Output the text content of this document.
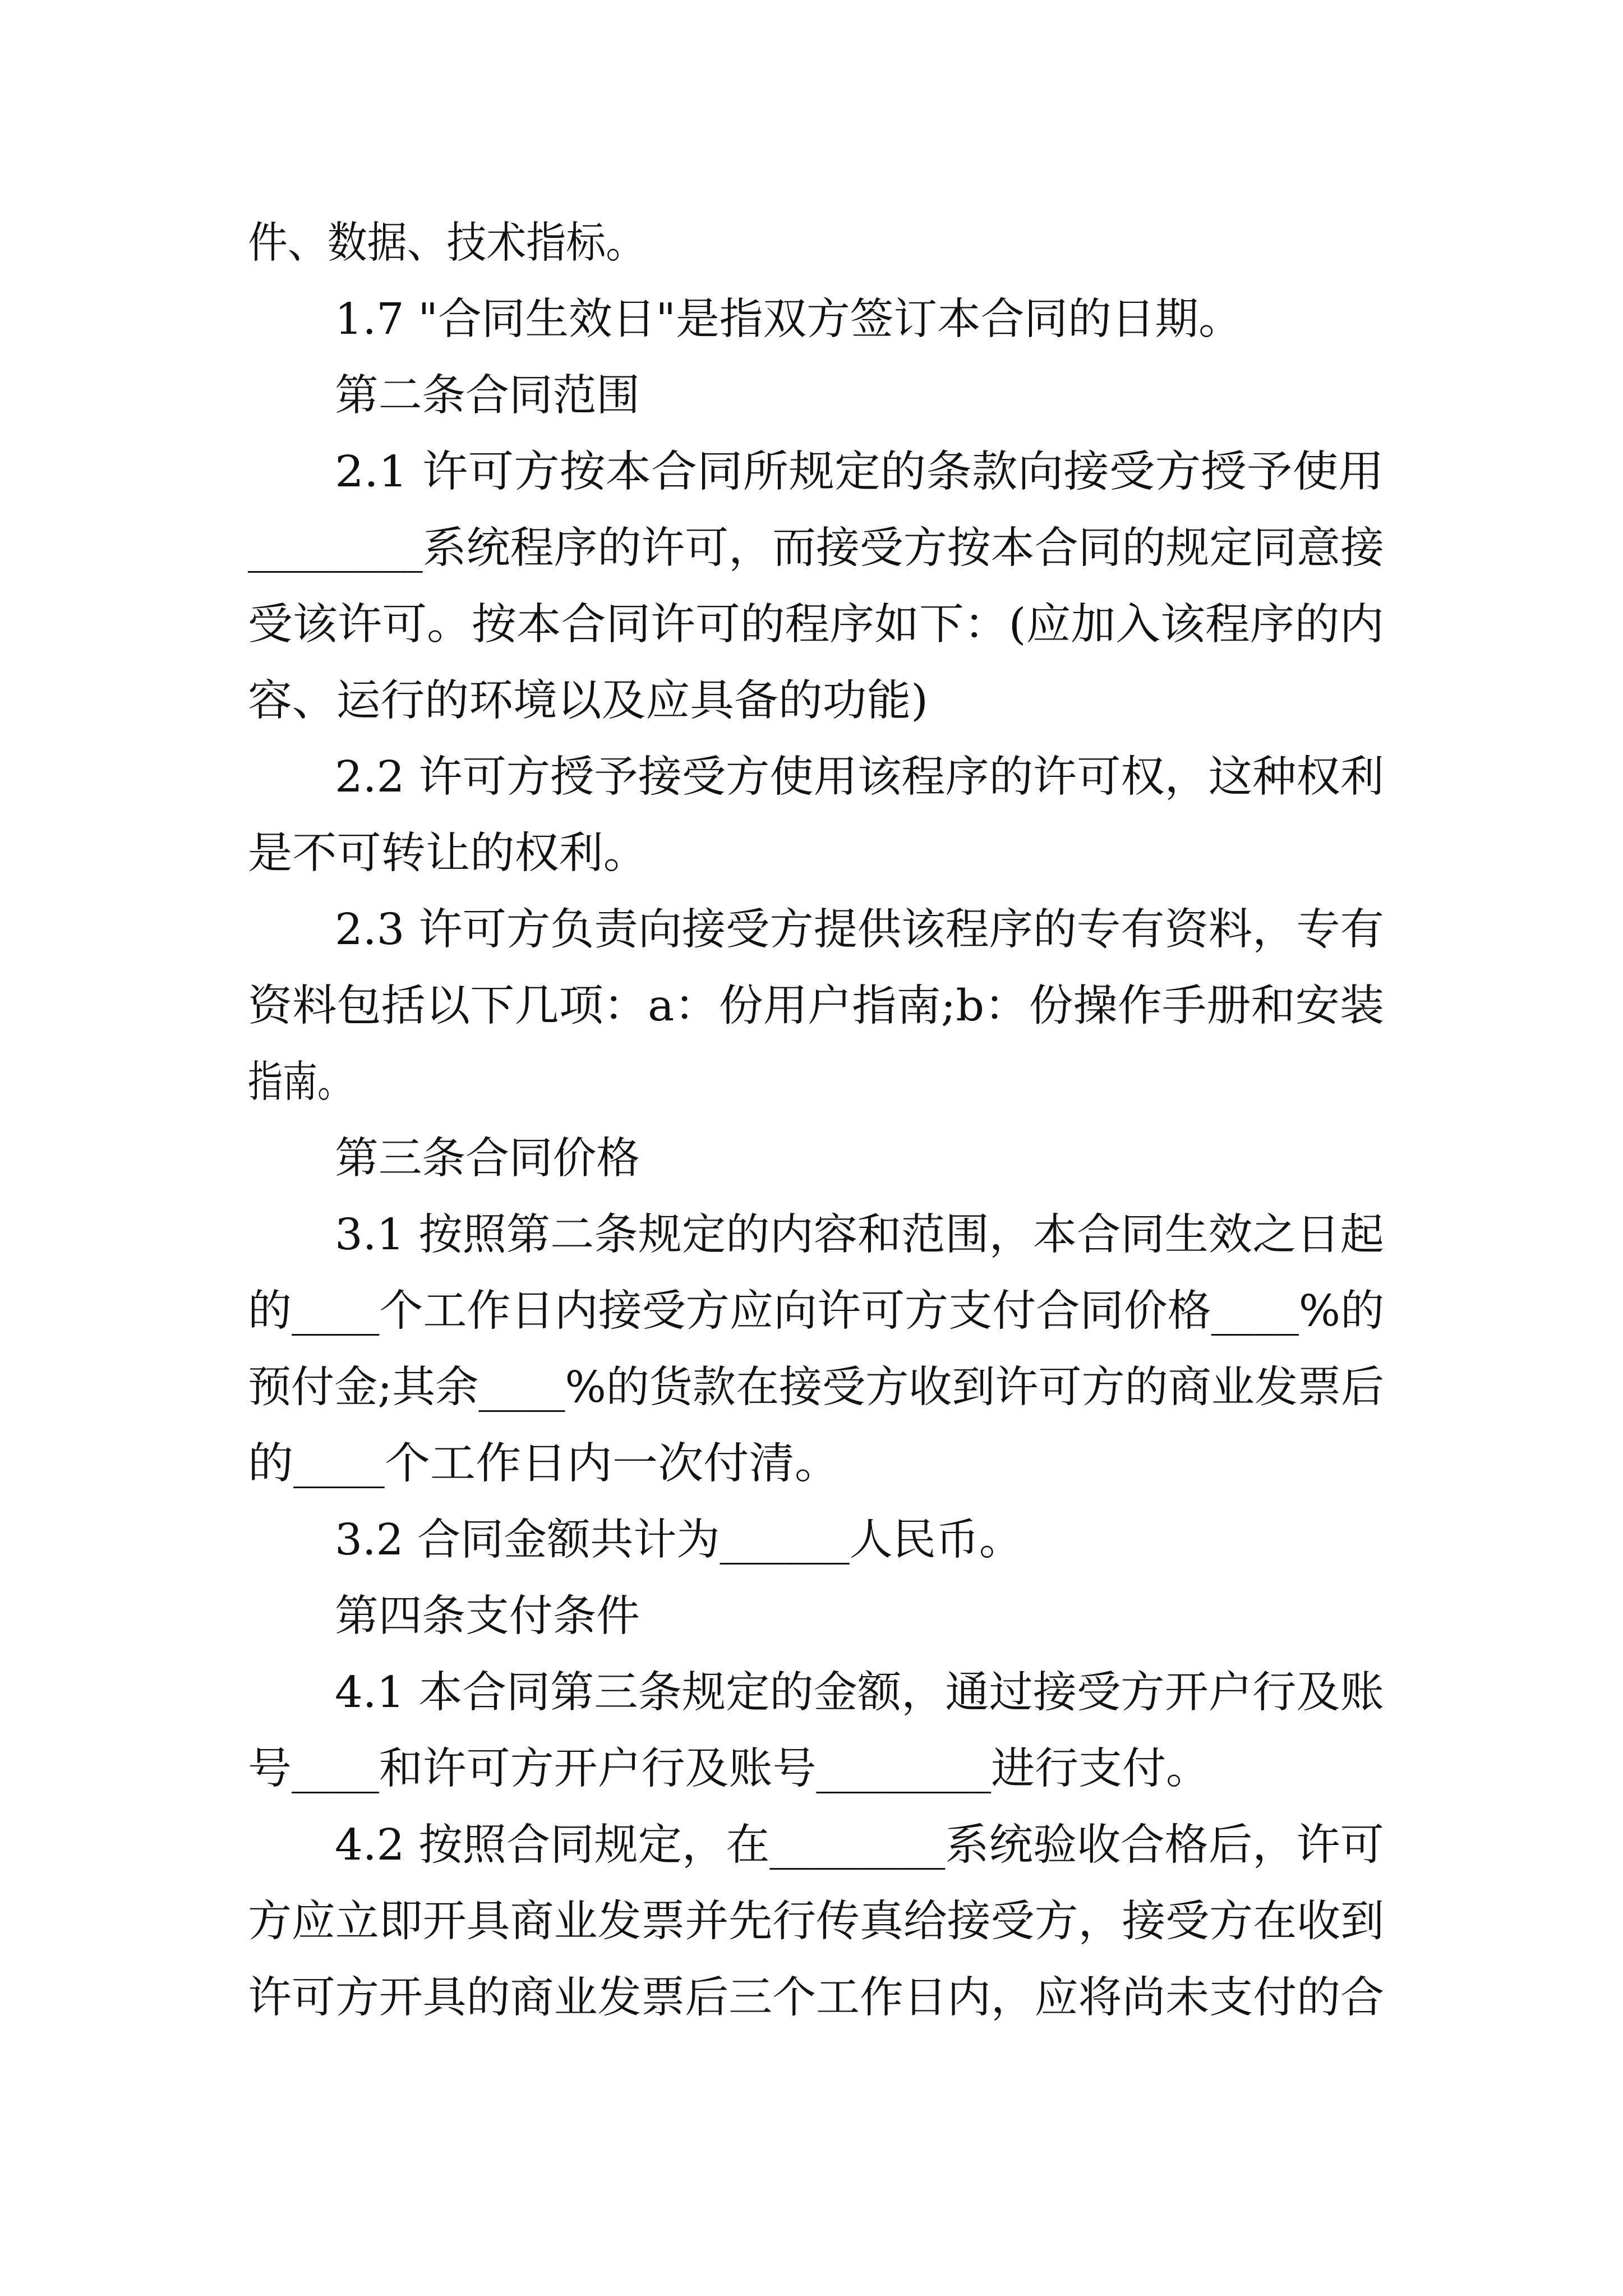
件、数据、技术指标。
1.7 "合同生效日"是指双方签订本合同的日期。
第二条合同范围
2.1 许可方按本合同所规定的条款向接受方授予使用
________系统程序的许可，而接受方按本合同的规定同意接
受该许可。按本合同许可的程序如下：(应加入该程序的内
容、运行的环境以及应具备的功能)
2.2 许可方授予接受方使用该程序的许可权，这种权利
是不可转让的权利。
2.3 许可方负责向接受方提供该程序的专有资料，专有
资料包括以下几项：a：份用户指南;b：份操作手册和安装
指南。
第三条合同价格
3.1 按照第二条规定的内容和范围，本合同生效之日起
的____个工作日内接受方应向许可方支付合同价格____%的
预付金;其余____%的货款在接受方收到许可方的商业发票后
的____个工作日内一次付清。
3.2 合同金额共计为______人民币。
第四条支付条件
4.1 本合同第三条规定的金额，通过接受方开户行及账
号____和许可方开户行及账号________进行支付。
4.2 按照合同规定，在________系统验收合格后，许可
方应立即开具商业发票并先行传真给接受方，接受方在收到
许可方开具的商业发票后三个工作日内，应将尚未支付的合
